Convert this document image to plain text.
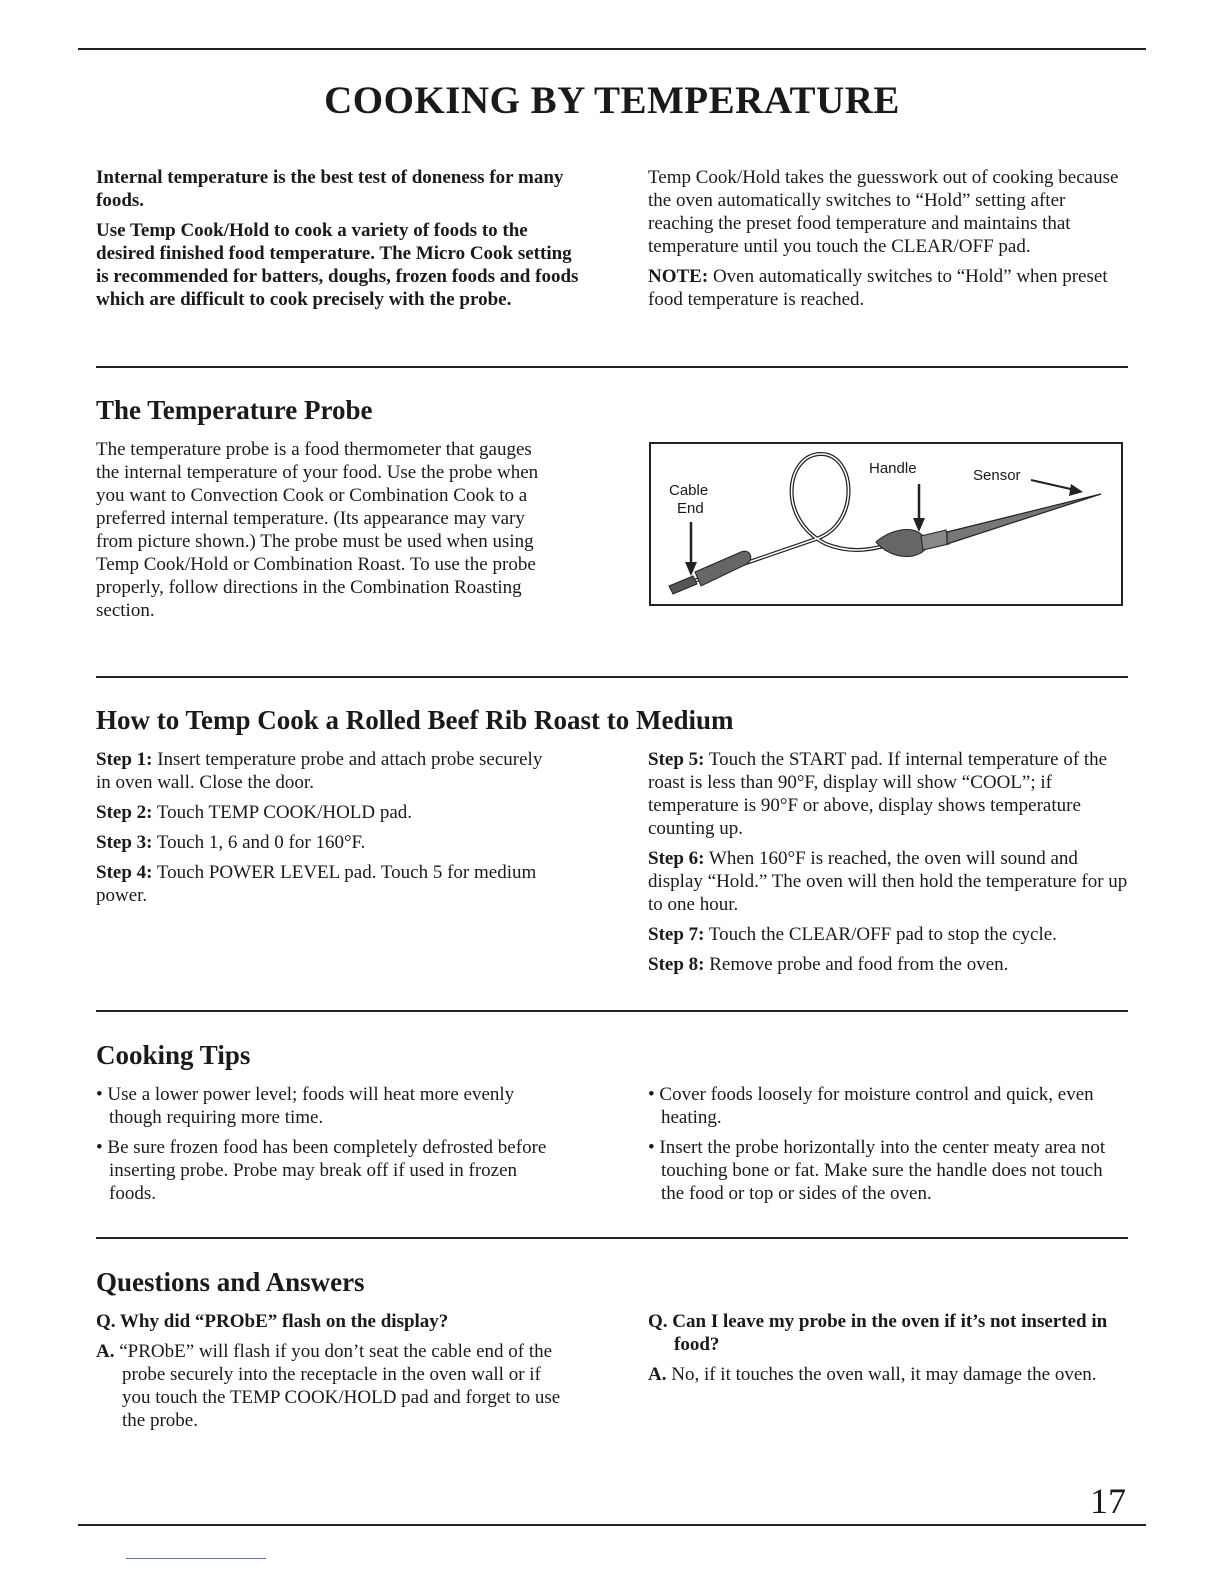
COOKING BY TEMPERATURE

Internal temperature is the best test of doneness for many foods.

Use Temp Cook/Hold to cook a variety of foods to the desired finished food temperature. The Micro Cook setting is recommended for batters, doughs, frozen foods and foods which are difficult to cook precisely with the probe.

Temp Cook/Hold takes the guesswork out of cooking because the oven automatically switches to “Hold” setting after reaching the preset food temperature and maintains that temperature until you touch the CLEAR/OFF pad.

NOTE: Oven automatically switches to “Hold” when preset food temperature is reached.

The Temperature Probe

The temperature probe is a food thermometer that gauges the internal temperature of your food. Use the probe when you want to Convection Cook or Combination Cook to a preferred internal temperature. (Its appearance may vary from picture shown.) The probe must be used when using Temp Cook/Hold or Combination Roast. To use the probe properly, follow directions in the Combination Roasting section.

Cable
End
Handle	Sensor
How to Temp Cook a Rolled Beef Rib Roast to Medium

Step 1: Insert temperature probe and attach probe securely in oven wall. Close the door.

Step 2: Touch TEMP COOK/HOLD pad.

Step 3: Touch 1, 6 and 0 for 160°F.

Step 4: Touch POWER LEVEL pad. Touch 5 for medium power.

Step 5: Touch the START pad. If internal temperature of the roast is less than 90°F, display will show “COOL”; if temperature is 90°F or above, display shows temperature counting up.

Step 6: When 160°F is reached, the oven will sound and display “Hold.” The oven will then hold the temperature for up to one hour.

Step 7: Touch the CLEAR/OFF pad to stop the cycle.

Step 8: Remove probe and food from the oven.

Cooking Tips

• Use a lower power level; foods will heat more evenly though requiring more time.

• Be sure frozen food has been completely defrosted before inserting probe. Probe may break off if used in frozen foods.

• Cover foods loosely for moisture control and quick, even heating.

• Insert the probe horizontally into the center meaty area not touching bone or fat. Make sure the handle does not touch the food or top or sides of the oven.

Questions and Answers

Q. Why did “PRObE” flash on the display?

A. “PRObE” will flash if you don’t seat the cable end of the probe securely into the receptacle in the oven wall or if you touch the TEMP COOK/HOLD pad and forget to use the probe.

Q. Can I leave my probe in the oven if it’s not inserted in food?

A. No, if it touches the oven wall, it may damage the oven.

17
